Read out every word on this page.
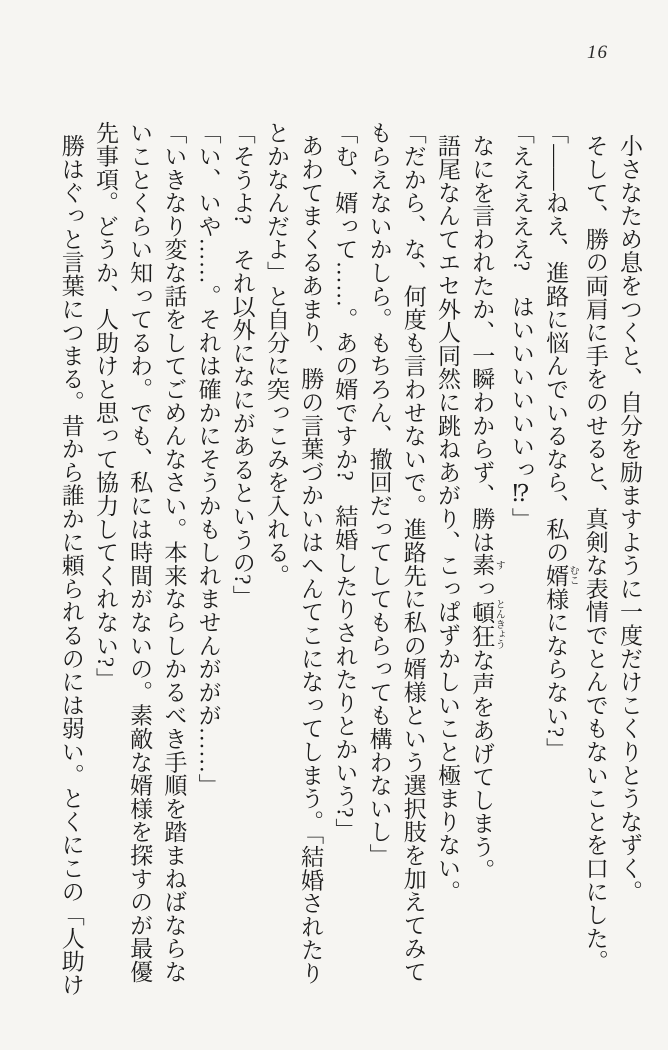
16

小さなため息をつくと、自分を励ますように一度だけこくりとうなずく。

そして、勝の両肩に手をのせると、真剣な表情でとんでもないことを口にした。

「――ねえ、進路に悩んでいるなら、私の婿 むこ様にならない?」

「えええええ?　はいいいいいいっ⁉」

なにを言われたか、一瞬わからず、勝は素 すっ頓狂 とんきょうな声をあげてしまう。

語尾なんてエセ外人同然に跳ねあがり、こっぱずかしいこと極まりない。

「だから、な、何度も言わせないで。進路先に私の婿様という選択肢を加えてみてもらえないかしら。もちろん、撤回だってしてもらっても構わないし」

「む、婿って……。あの婿ですか?　結婚したりされたりとかいう?」

あわてまくるあまり、勝の言葉づかいはへんてこになってしまう。「結婚されたりとかなんだよ」と自分に突っこみを入れる。

「そうよ?　それ以外になにがあるというの?」

「い、いや……。それは確かにそうかもしれませんががが……」

「いきなり変な話をしてごめんなさい。本来ならしかるべき手順を踏まねばならないことくらい知ってるわ。でも、私には時間がないの。素敵な婿様を探すのが最優先事項。どうか、人助けと思って協力してくれない?」

勝はぐっと言葉につまる。昔から誰かに頼られるのには弱い。とくにこの「人助け
